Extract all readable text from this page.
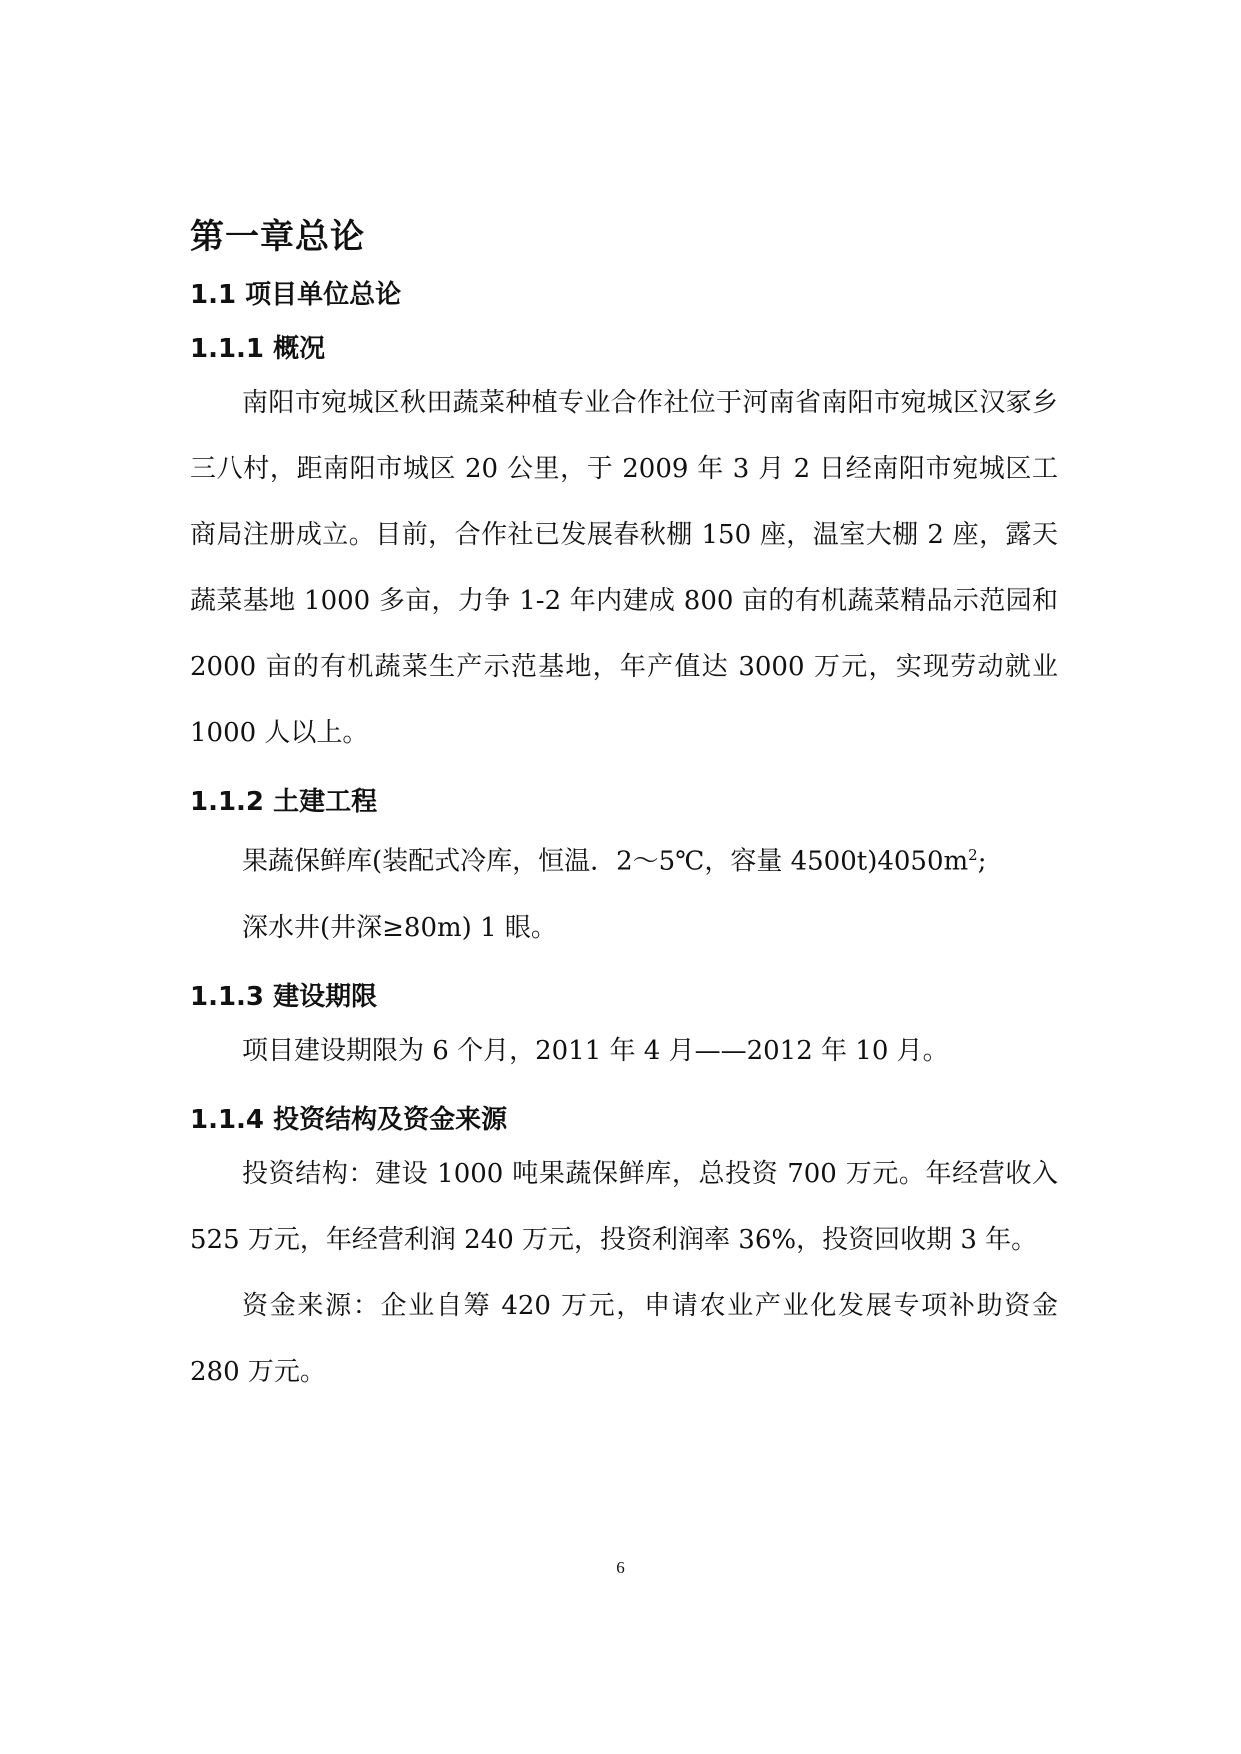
第一章总论
1.1 项目单位总论
1.1.1 概况

南阳市宛城区秋田蔬菜种植专业合作社位于河南省南阳市宛城区汉冢乡三八村，距南阳市城区 20 公里，于 2009 年 3 月 2 日经南阳市宛城区工商局注册成立。目前，合作社已发展春秋棚 150 座，温室大棚 2 座，露天蔬菜基地 1000 多亩，力争 1-2 年内建成 800 亩的有机蔬菜精品示范园和 2000 亩的有机蔬菜生产示范基地，年产值达 3000 万元，实现劳动就业 1000 人以上。

1.1.2 土建工程

果蔬保鲜库(装配式冷库，恒温．2～5℃，容量 $4500t)4050m^2$;

深水井(井深≥80m) 1 眼。

1.1.3 建设期限

项目建设期限为 6 个月，2011 年 4 月——2012 年 10 月。

1.1.4 投资结构及资金来源

投资结构：建设 1000 吨果蔬保鲜库，总投资 700 万元。年经营收入 525 万元，年经营利润 240 万元，投资利润率 36%，投资回收期 3 年。

资金来源：企业自筹 420 万元，申请农业产业化发展专项补助资金 280 万元。

6
